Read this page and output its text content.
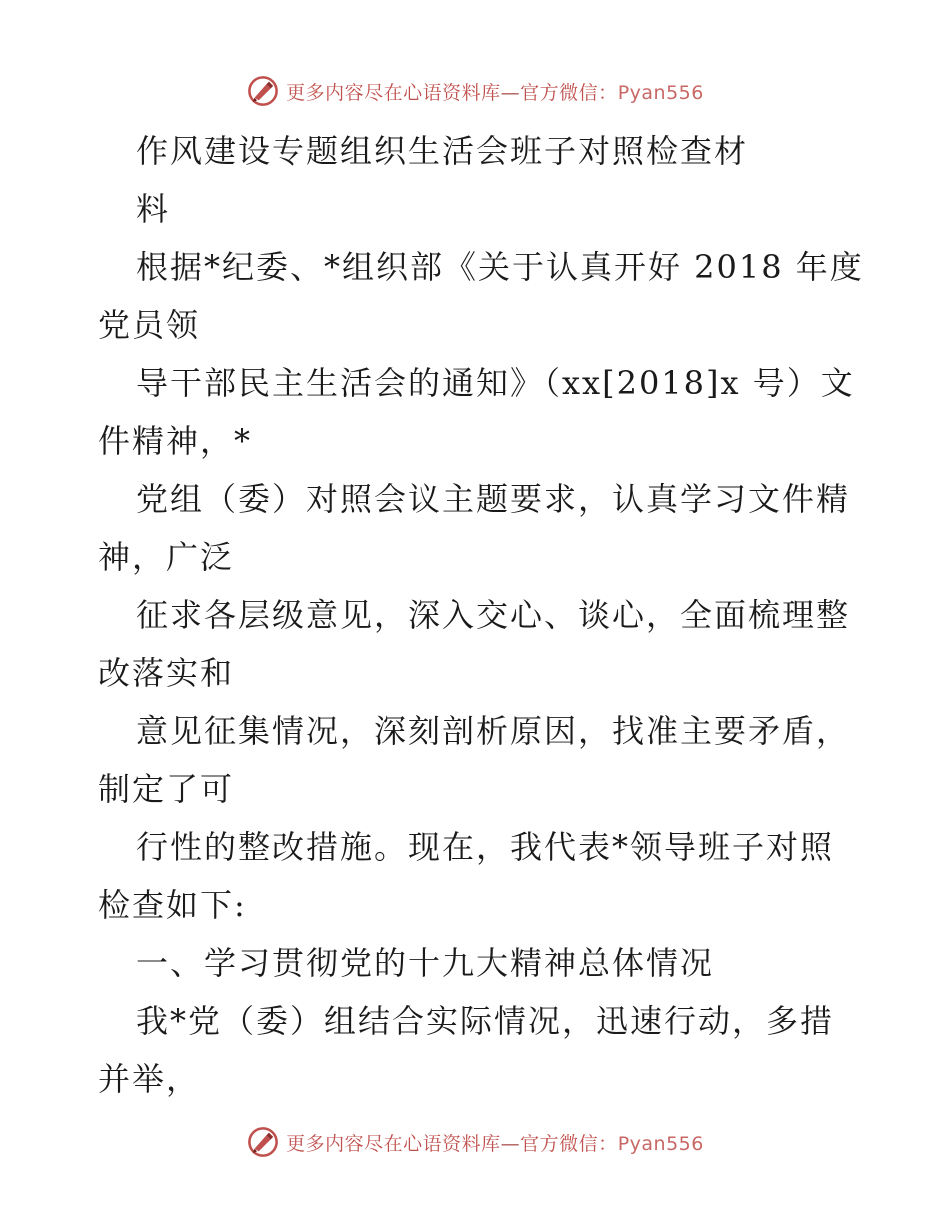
更多内容尽在心语资料库—官方微信：Pyan556
作风建设专题组织生活会班子对照检查材
料
根据*纪委、*组织部《关于认真开好 2018 年度
党员领
导干部民主生活会的通知》（xx[2018]x 号）文
件精神，*
党组（委）对照会议主题要求，认真学习文件精
神，广泛
征求各层级意见，深入交心、谈心，全面梳理整
改落实和
意见征集情况，深刻剖析原因，找准主要矛盾，
制定了可
行性的整改措施。现在，我代表*领导班子对照
检查如下:
一、学习贯彻党的十九大精神总体情况
我*党（委）组结合实际情况，迅速行动，多措
并举，
更多内容尽在心语资料库—官方微信：Pyan556
